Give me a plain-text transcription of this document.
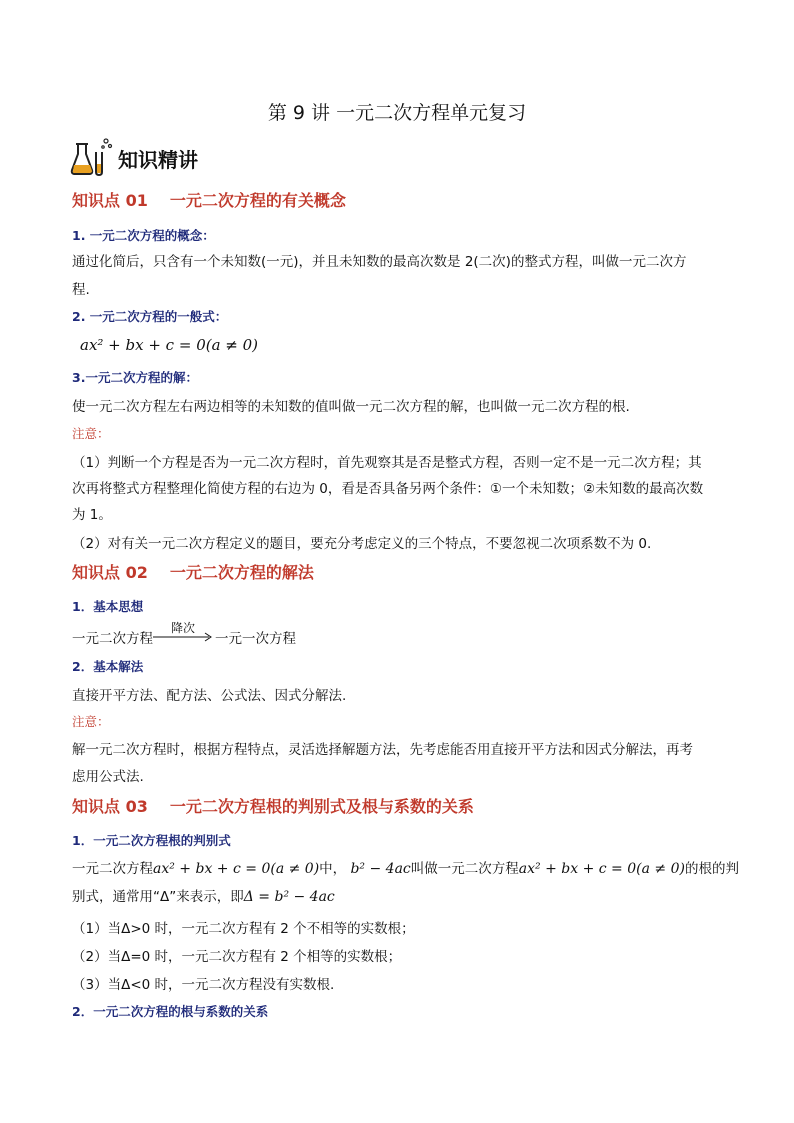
第 9 讲 一元二次方程单元复习
知识精讲
知识点 01 一元二次方程的有关概念
1. 一元二次方程的概念：
通过化简后，只含有一个未知数(一元)，并且未知数的最高次数是 2(二次)的整式方程，叫做一元二次方
程.
2. 一元二次方程的一般式：
ax² + bx + c = 0(a ≠ 0)
3.一元二次方程的解：
使一元二次方程左右两边相等的未知数的值叫做一元二次方程的解，也叫做一元二次方程的根.
注意：
（1）判断一个方程是否为一元二次方程时，首先观察其是否是整式方程，否则一定不是一元二次方程；其
次再将整式方程整理化简使方程的右边为 0，看是否具备另两个条件：①一个未知数；②未知数的最高次数
为 1。
（2）对有关一元二次方程定义的题目，要充分考虑定义的三个特点，不要忽视二次项系数不为 0.
知识点 02 一元二次方程的解法
1．基本思想
一元二次方程
降次
一元一次方程
2．基本解法
直接开平方法、配方法、公式法、因式分解法.
注意：
解一元二次方程时，根据方程特点，灵活选择解题方法，先考虑能否用直接开平方法和因式分解法，再考
虑用公式法.
知识点 03 一元二次方程根的判别式及根与系数的关系
1．一元二次方程根的判别式
一元二次方程ax² + bx + c = 0(a ≠ 0)中， b² − 4ac叫做一元二次方程ax² + bx + c = 0(a ≠ 0)的根的判
别式，通常用“Δ”来表示，即Δ = b² − 4ac
（1）当Δ>0 时，一元二次方程有 2 个不相等的实数根；
（2）当Δ=0 时，一元二次方程有 2 个相等的实数根；
（3）当Δ<0 时，一元二次方程没有实数根.
2．一元二次方程的根与系数的关系
